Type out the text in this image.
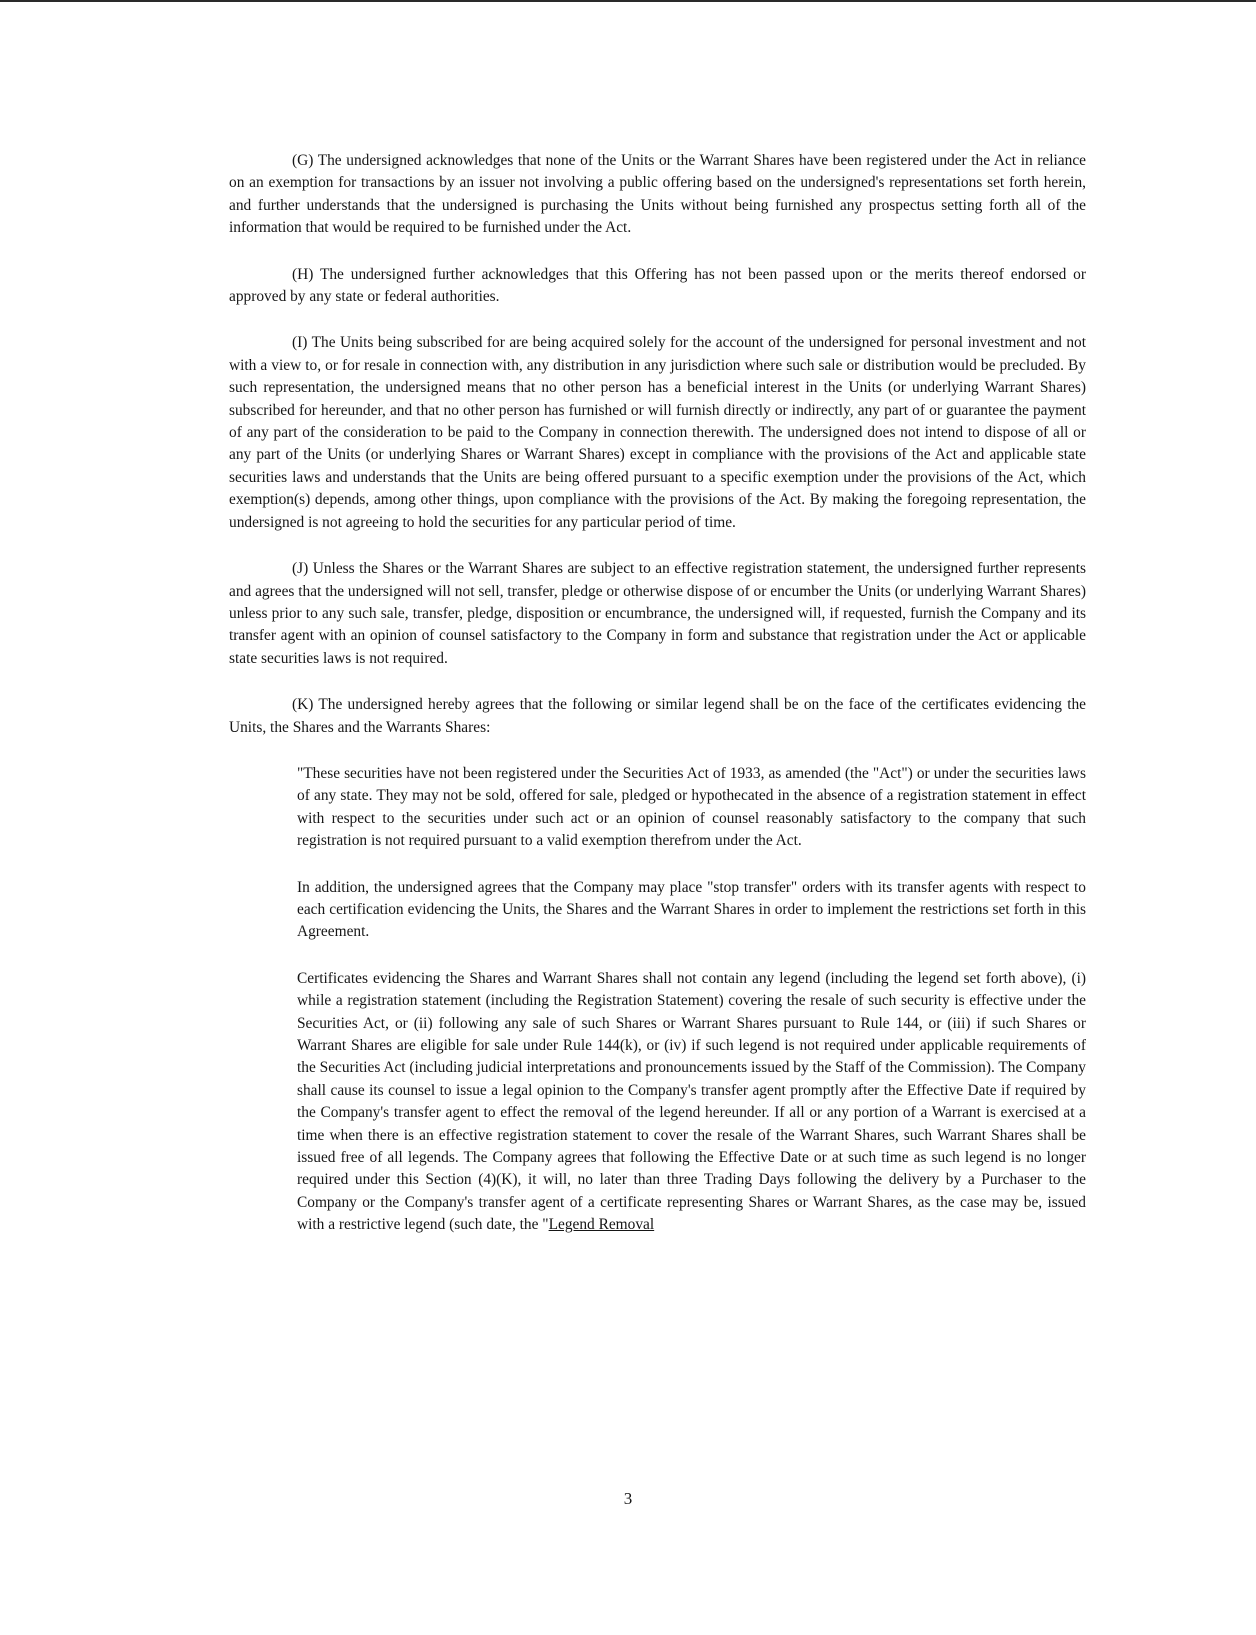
(G) The undersigned acknowledges that none of the Units or the Warrant Shares have been registered under the Act in reliance on an exemption for transactions by an issuer not involving a public offering based on the undersigned's representations set forth herein, and further understands that the undersigned is purchasing the Units without being furnished any prospectus setting forth all of the information that would be required to be furnished under the Act.

(H) The undersigned further acknowledges that this Offering has not been passed upon or the merits thereof endorsed or approved by any state or federal authorities.

(I) The Units being subscribed for are being acquired solely for the account of the undersigned for personal investment and not with a view to, or for resale in connection with, any distribution in any jurisdiction where such sale or distribution would be precluded. By such representation, the undersigned means that no other person has a beneficial interest in the Units (or underlying Warrant Shares) subscribed for hereunder, and that no other person has furnished or will furnish directly or indirectly, any part of or guarantee the payment of any part of the consideration to be paid to the Company in connection therewith. The undersigned does not intend to dispose of all or any part of the Units (or underlying Shares or Warrant Shares) except in compliance with the provisions of the Act and applicable state securities laws and understands that the Units are being offered pursuant to a specific exemption under the provisions of the Act, which exemption(s) depends, among other things, upon compliance with the provisions of the Act. By making the foregoing representation, the undersigned is not agreeing to hold the securities for any particular period of time.

(J) Unless the Shares or the Warrant Shares are subject to an effective registration statement, the undersigned further represents and agrees that the undersigned will not sell, transfer, pledge or otherwise dispose of or encumber the Units (or underlying Warrant Shares) unless prior to any such sale, transfer, pledge, disposition or encumbrance, the undersigned will, if requested, furnish the Company and its transfer agent with an opinion of counsel satisfactory to the Company in form and substance that registration under the Act or applicable state securities laws is not required.

(K) The undersigned hereby agrees that the following or similar legend shall be on the face of the certificates evidencing the Units, the Shares and the Warrants Shares:

"These securities have not been registered under the Securities Act of 1933, as amended (the "Act") or under the securities laws of any state. They may not be sold, offered for sale, pledged or hypothecated in the absence of a registration statement in effect with respect to the securities under such act or an opinion of counsel reasonably satisfactory to the company that such registration is not required pursuant to a valid exemption therefrom under the Act.

In addition, the undersigned agrees that the Company may place "stop transfer" orders with its transfer agents with respect to each certification evidencing the Units, the Shares and the Warrant Shares in order to implement the restrictions set forth in this Agreement.

Certificates evidencing the Shares and Warrant Shares shall not contain any legend (including the legend set forth above), (i) while a registration statement (including the Registration Statement) covering the resale of such security is effective under the Securities Act, or (ii) following any sale of such Shares or Warrant Shares pursuant to Rule 144, or (iii) if such Shares or Warrant Shares are eligible for sale under Rule 144(k), or (iv) if such legend is not required under applicable requirements of the Securities Act (including judicial interpretations and pronouncements issued by the Staff of the Commission). The Company shall cause its counsel to issue a legal opinion to the Company's transfer agent promptly after the Effective Date if required by the Company's transfer agent to effect the removal of the legend hereunder. If all or any portion of a Warrant is exercised at a time when there is an effective registration statement to cover the resale of the Warrant Shares, such Warrant Shares shall be issued free of all legends. The Company agrees that following the Effective Date or at such time as such legend is no longer required under this Section (4)(K), it will, no later than three Trading Days following the delivery by a Purchaser to the Company or the Company's transfer agent of a certificate representing Shares or Warrant Shares, as the case may be, issued with a restrictive legend (such date, the "Legend Removal

3
